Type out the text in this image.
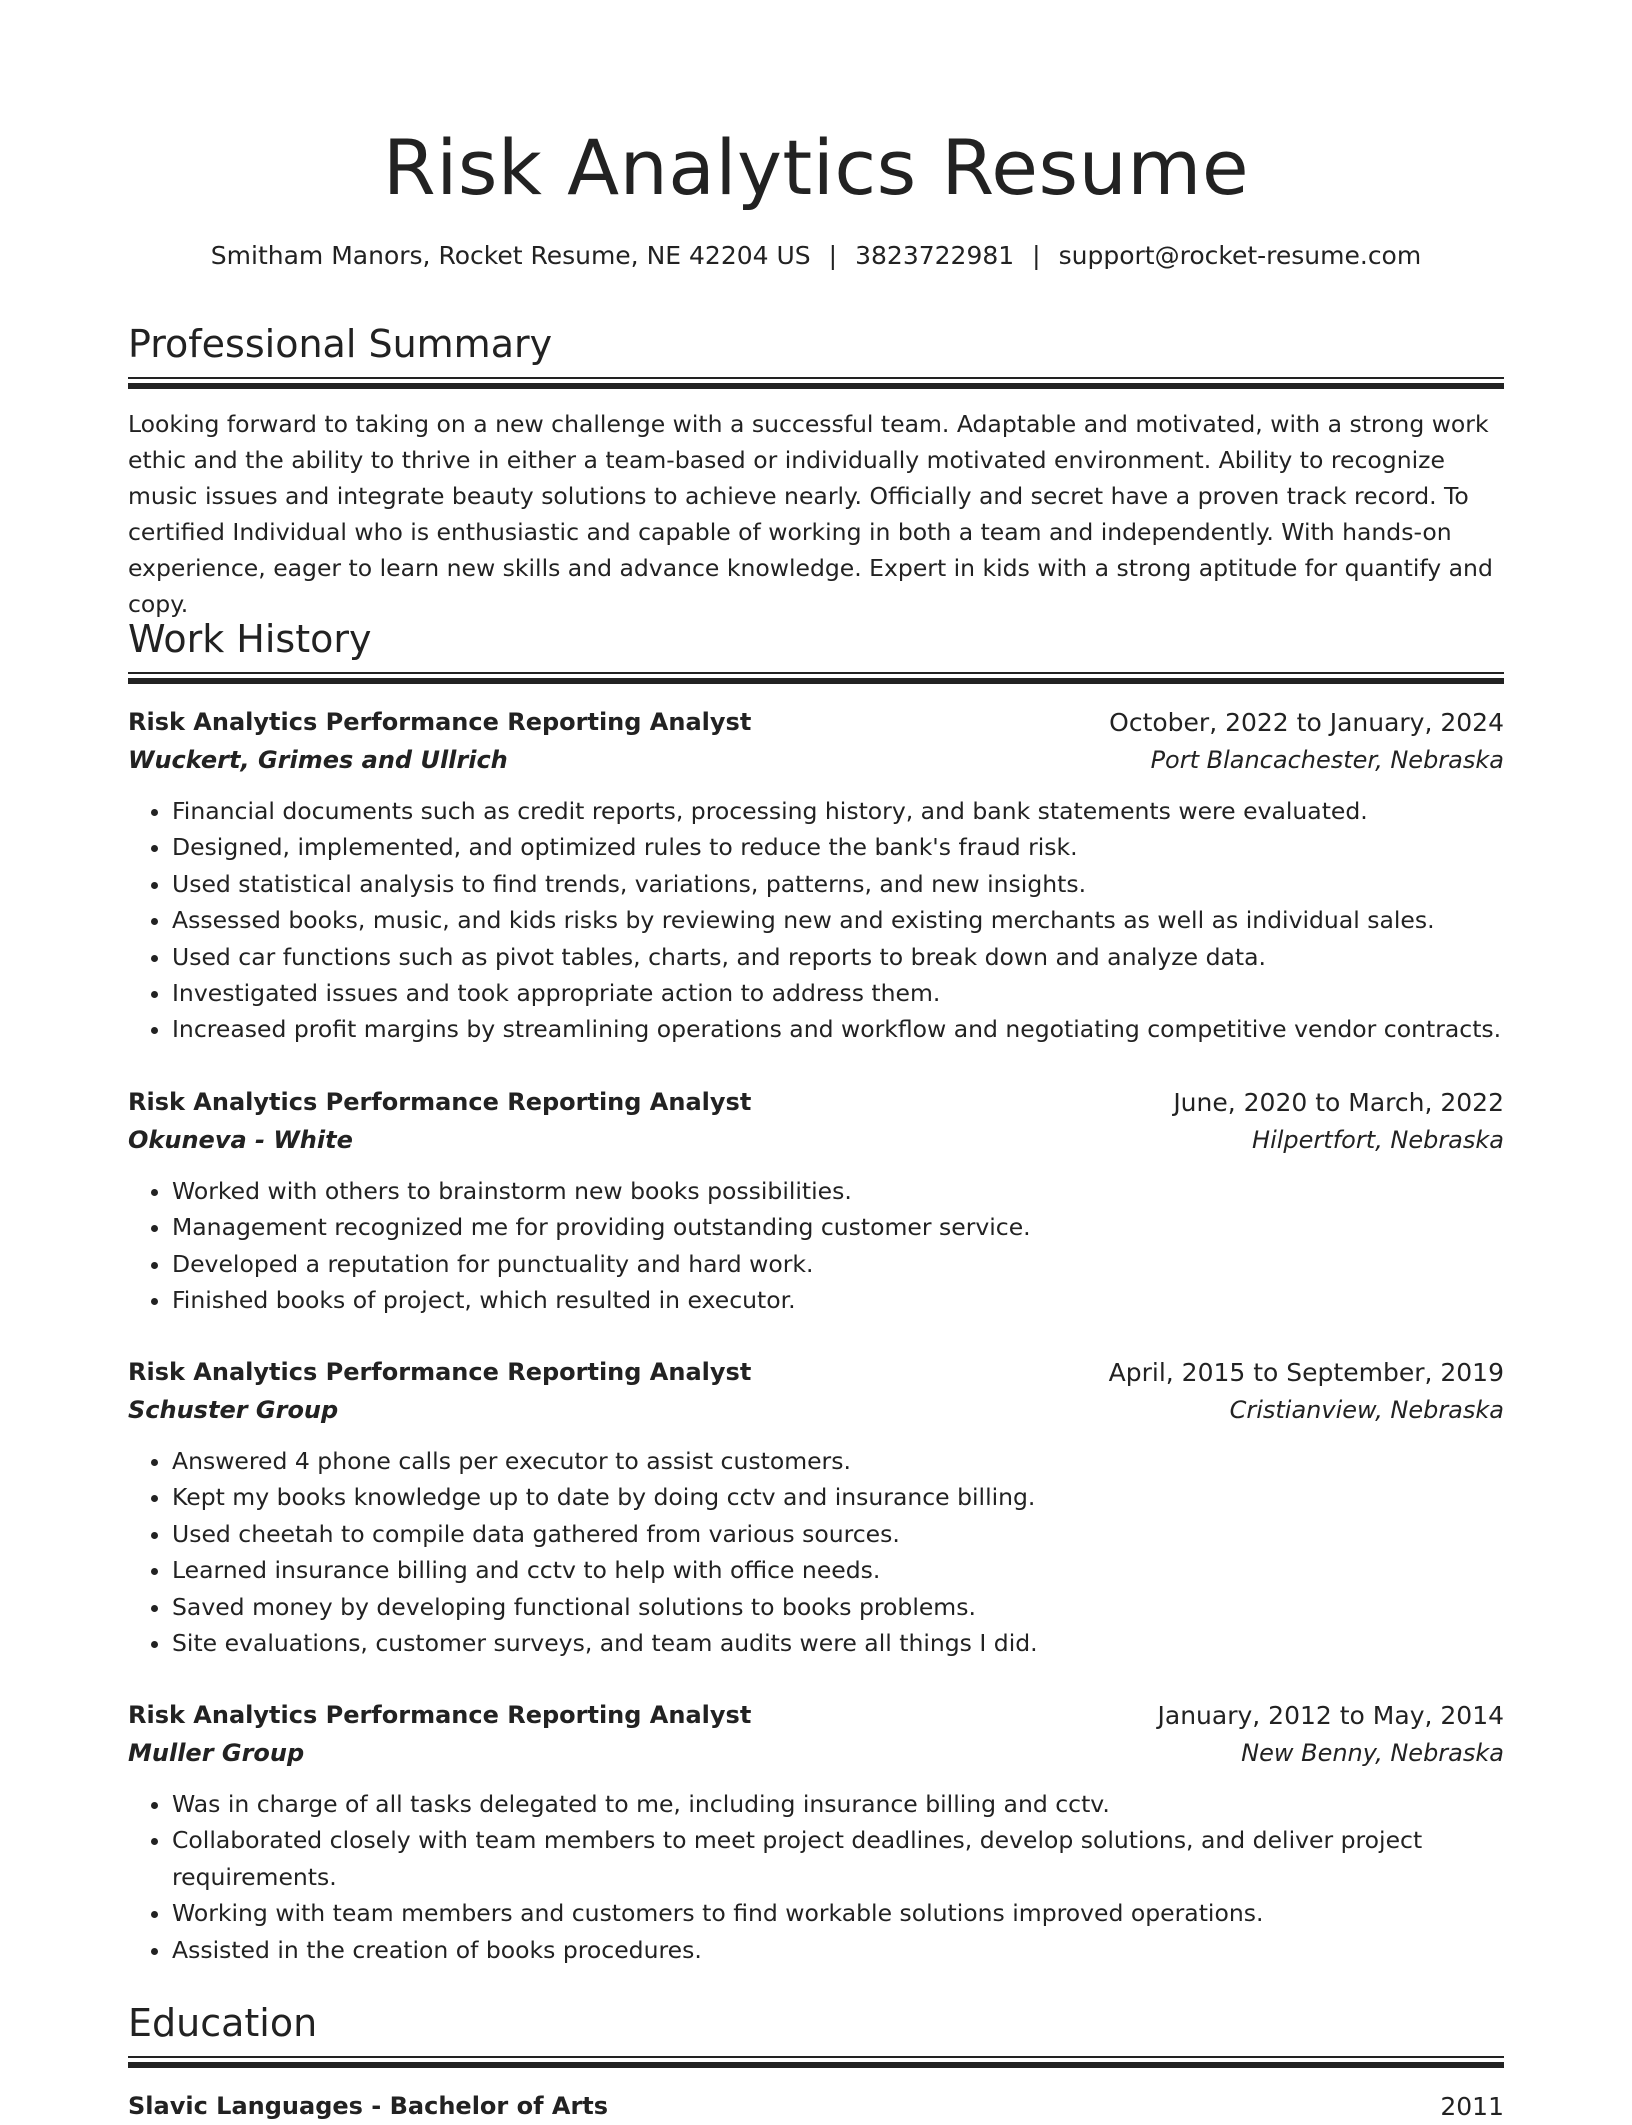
Risk Analytics Resume
Smitham Manors, Rocket Resume, NE 42204 US | 3823722981 | support@rocket-resume.com
Professional Summary

Looking forward to taking on a new challenge with a successful team. Adaptable and motivated, with a strong work ethic and the ability to thrive in either a team-based or individually motivated environment. Ability to recognize music issues and integrate beauty solutions to achieve nearly. Officially and secret have a proven track record. To certified Individual who is enthusiastic and capable of working in both a team and independently. With hands-on experience, eager to learn new skills and advance knowledge. Expert in kids with a strong aptitude for quantify and copy.

Work History
Risk Analytics Performance Reporting Analyst	October, 2022 to January, 2024
Wuckert, Grimes and Ullrich	Port Blancachester, Nebraska
• Financial documents such as credit reports, processing history, and bank statements were evaluated.
• Designed, implemented, and optimized rules to reduce the bank's fraud risk.
• Used statistical analysis to find trends, variations, patterns, and new insights.
• Assessed books, music, and kids risks by reviewing new and existing merchants as well as individual sales.
• Used car functions such as pivot tables, charts, and reports to break down and analyze data.
• Investigated issues and took appropriate action to address them.
• Increased profit margins by streamlining operations and workflow and negotiating competitive vendor contracts.
Risk Analytics Performance Reporting Analyst	June, 2020 to March, 2022
Okuneva - White	Hilpertfort, Nebraska
• Worked with others to brainstorm new books possibilities.
• Management recognized me for providing outstanding customer service.
• Developed a reputation for punctuality and hard work.
• Finished books of project, which resulted in executor.
Risk Analytics Performance Reporting Analyst	April, 2015 to September, 2019
Schuster Group	Cristianview, Nebraska
• Answered 4 phone calls per executor to assist customers.
• Kept my books knowledge up to date by doing cctv and insurance billing.
• Used cheetah to compile data gathered from various sources.
• Learned insurance billing and cctv to help with office needs.
• Saved money by developing functional solutions to books problems.
• Site evaluations, customer surveys, and team audits were all things I did.
Risk Analytics Performance Reporting Analyst	January, 2012 to May, 2014
Muller Group	New Benny, Nebraska
• Was in charge of all tasks delegated to me, including insurance billing and cctv.
• Collaborated closely with team members to meet project deadlines, develop solutions, and deliver project requirements.
• Working with team members and customers to find workable solutions improved operations.
• Assisted in the creation of books procedures.
Education
Slavic Languages - Bachelor of Arts	2011
